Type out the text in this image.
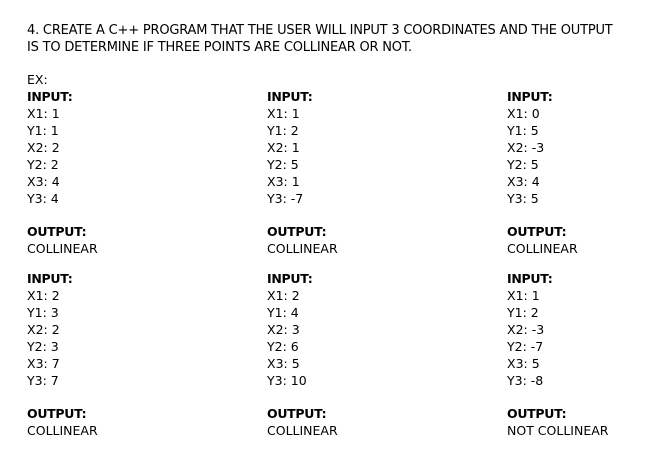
4. CREATE A C++ PROGRAM THAT THE USER WILL INPUT 3 COORDINATES AND THE OUTPUT
IS TO DETERMINE IF THREE POINTS ARE COLLINEAR OR NOT.

EX:
INPUT:
X1: 1
Y1: 1
X2: 2
Y2: 2
X3: 4
Y3: 4
OUTPUT:
COLLINEAR
INPUT:
X1: 1
Y1: 2
X2: 1
Y2: 5
X3: 1
Y3: -7
OUTPUT:
COLLINEAR
INPUT:
X1: 0
Y1: 5
X2: -3
Y2: 5
X3: 4
Y3: 5
OUTPUT:
COLLINEAR
INPUT:
X1: 2
Y1: 3
X2: 2
Y2: 3
X3: 7
Y3: 7
OUTPUT:
COLLINEAR
INPUT:
X1: 2
Y1: 4
X2: 3
Y2: 6
X3: 5
Y3: 10
OUTPUT:
COLLINEAR
INPUT:
X1: 1
Y1: 2
X2: -3
Y2: -7
X3: 5
Y3: -8
OUTPUT:
NOT COLLINEAR
